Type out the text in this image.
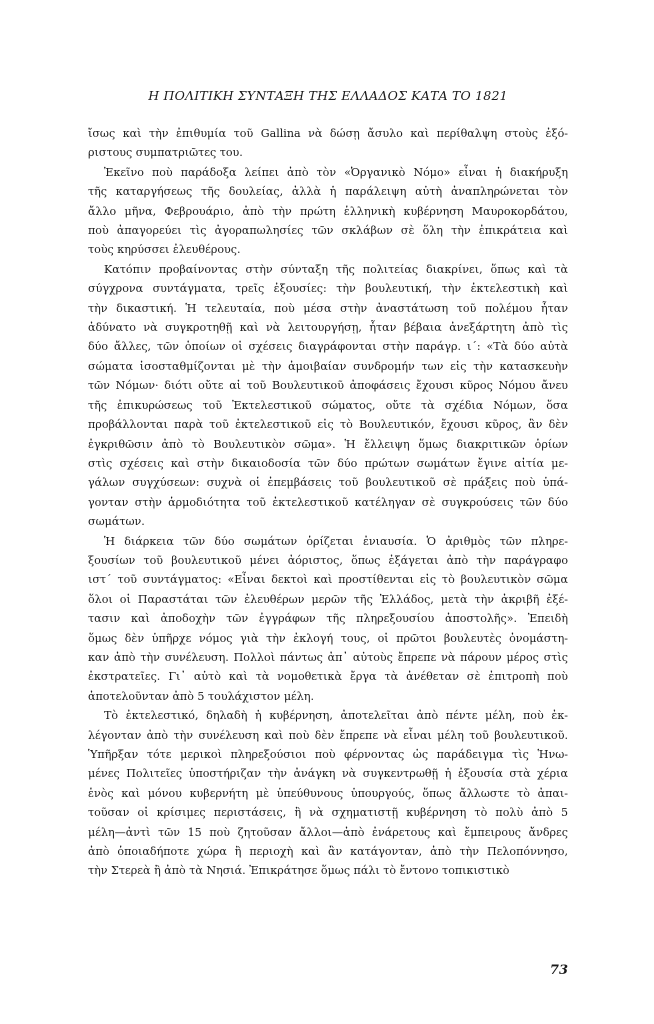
Η ΠΟΛΙΤΙΚΗ ΣΥΝΤΑΞΗ ΤΗΣ ΕΛΛΑΔΟΣ ΚΑΤΑ ΤΟ 1821
ἴσως καὶ τὴν ἐπιθυμία τοῦ Gallina νὰ δώσῃ ἄσυλο καὶ περίθαλψη στοὺς ἐξό-
ριστους συμπατριῶτες του.
Ἐκεῖνο ποὺ παράδοξα λείπει ἀπὸ τὸν «Ὀργανικὸ Νόμο» εἶναι ἡ διακήρυξη
τῆς καταργήσεως τῆς δουλείας, ἀλλὰ ἡ παράλειψη αὐτὴ ἀναπληρώνεται τὸν
ἄλλο μῆνα, Φεβρουάριο, ἀπὸ τὴν πρώτη ἑλληνικὴ κυβέρνηση Μαυροκορδάτου,
ποὺ ἀπαγορεύει τὶς ἀγοραπωλησίες τῶν σκλάβων σὲ ὅλη τὴν ἐπικράτεια καὶ
τοὺς κηρύσσει ἐλευθέρους.
Κατόπιν προβαίνοντας στὴν σύνταξη τῆς πολιτείας διακρίνει, ὅπως καὶ τὰ
σύγχρονα συντάγματα, τρεῖς ἐξουσίες: τὴν βουλευτική, τὴν ἐκτελεστικὴ καὶ
τὴν δικαστική. Ἡ τελευταία, ποὺ μέσα στὴν ἀναστάτωση τοῦ πολέμου ἦταν
ἀδύνατο νὰ συγκροτηθῇ καὶ νὰ λειτουργήσῃ, ἦταν βέβαια ἀνεξάρτητη ἀπὸ τὶς
δύο ἄλλες, τῶν ὁποίων οἱ σχέσεις διαγράφονται στὴν παράγρ. ι΄: «Τὰ δύο αὐτὰ
σώματα ἰσοσταθμίζονται μὲ τὴν ἀμοιβαίαν συνδρομήν των εἰς τὴν κατασκευὴν
τῶν Νόμων· διότι οὔτε αἱ τοῦ Βουλευτικοῦ ἀποφάσεις ἔχουσι κῦρος Νόμου ἄνευ
τῆς ἐπικυρώσεως τοῦ Ἐκτελεστικοῦ σώματος, οὔτε τὰ σχέδια Νόμων, ὅσα
προβάλλονται παρὰ τοῦ ἐκτελεστικοῦ εἰς τὸ Βουλευτικόν, ἔχουσι κῦρος, ἂν δὲν
ἐγκριθῶσιν ἀπὸ τὸ Βουλευτικὸν σῶμα». Ἡ ἔλλειψη ὅμως διακριτικῶν ὁρίων
στὶς σχέσεις καὶ στὴν δικαιοδοσία τῶν δύο πρώτων σωμάτων ἔγινε αἰτία με-
γάλων συγχύσεων: συχνὰ οἱ ἐπεμβάσεις τοῦ βουλευτικοῦ σὲ πράξεις ποὺ ὑπά-
γονταν στὴν ἁρμοδιότητα τοῦ ἐκτελεστικοῦ κατέληγαν σὲ συγκρούσεις τῶν δύο
σωμάτων.
Ἡ διάρκεια τῶν δύο σωμάτων ὁρίζεται ἐνιαυσία. Ὁ ἀριθμὸς τῶν πληρε-
ξουσίων τοῦ βουλευτικοῦ μένει ἀόριστος, ὅπως ἐξάγεται ἀπὸ τὴν παράγραφο
ιστ΄ τοῦ συντάγματος: «Εἶναι δεκτοὶ καὶ προστίθενται εἰς τὸ βουλευτικὸν σῶμα
ὅλοι οἱ Παραστάται τῶν ἐλευθέρων μερῶν τῆς Ἑλλάδος, μετὰ τὴν ἀκριβῆ ἐξέ-
τασιν καὶ ἀποδοχὴν τῶν ἐγγράφων τῆς πληρεξουσίου ἀποστολῆς». Ἐπειδὴ
ὅμως δὲν ὑπῆρχε νόμος γιὰ τὴν ἐκλογή τους, οἱ πρῶτοι βουλευτὲς ὀνομάστη-
καν ἀπὸ τὴν συνέλευση. Πολλοὶ πάντως ἀπ᾽ αὐτοὺς ἔπρεπε νὰ πάρουν μέρος στὶς
ἐκστρατεῖες. Γι᾽ αὐτὸ καὶ τὰ νομοθετικὰ ἔργα τὰ ἀνέθεταν σὲ ἐπιτροπὴ ποὺ
ἀποτελοῦνταν ἀπὸ 5 τουλάχιστον μέλη.
Τὸ ἐκτελεστικό, δηλαδὴ ἡ κυβέρνηση, ἀποτελεῖται ἀπὸ πέντε μέλη, ποὺ ἐκ-
λέγονταν ἀπὸ τὴν συνέλευση καὶ ποὺ δὲν ἔπρεπε νὰ εἶναι μέλη τοῦ βουλευτικοῦ.
Ὑπῆρξαν τότε μερικοὶ πληρεξούσιοι ποὺ φέρνοντας ὡς παράδειγμα τὶς Ἡνω-
μένες Πολιτεῖες ὑποστήριζαν τὴν ἀνάγκη νὰ συγκεντρωθῇ ἡ ἐξουσία στὰ χέρια
ἑνὸς καὶ μόνου κυβερνήτη μὲ ὑπεύθυνους ὑπουργούς, ὅπως ἄλλωστε τὸ ἀπαι-
τοῦσαν οἱ κρίσιμες περιστάσεις, ἢ νὰ σχηματιστῇ κυβέρνηση τὸ πολὺ ἀπὸ 5
μέλη—ἀντὶ τῶν 15 ποὺ ζητοῦσαν ἄλλοι—ἀπὸ ἐνάρετους καὶ ἔμπειρους ἄνδρες
ἀπὸ ὁποιαδήποτε χώρα ἢ περιοχὴ καὶ ἂν κατάγονταν, ἀπὸ τὴν Πελοπόννησο,
τὴν Στερεὰ ἢ ἀπὸ τὰ Νησιά. Ἐπικράτησε ὅμως πάλι τὸ ἔντονο τοπικιστικὸ
73
